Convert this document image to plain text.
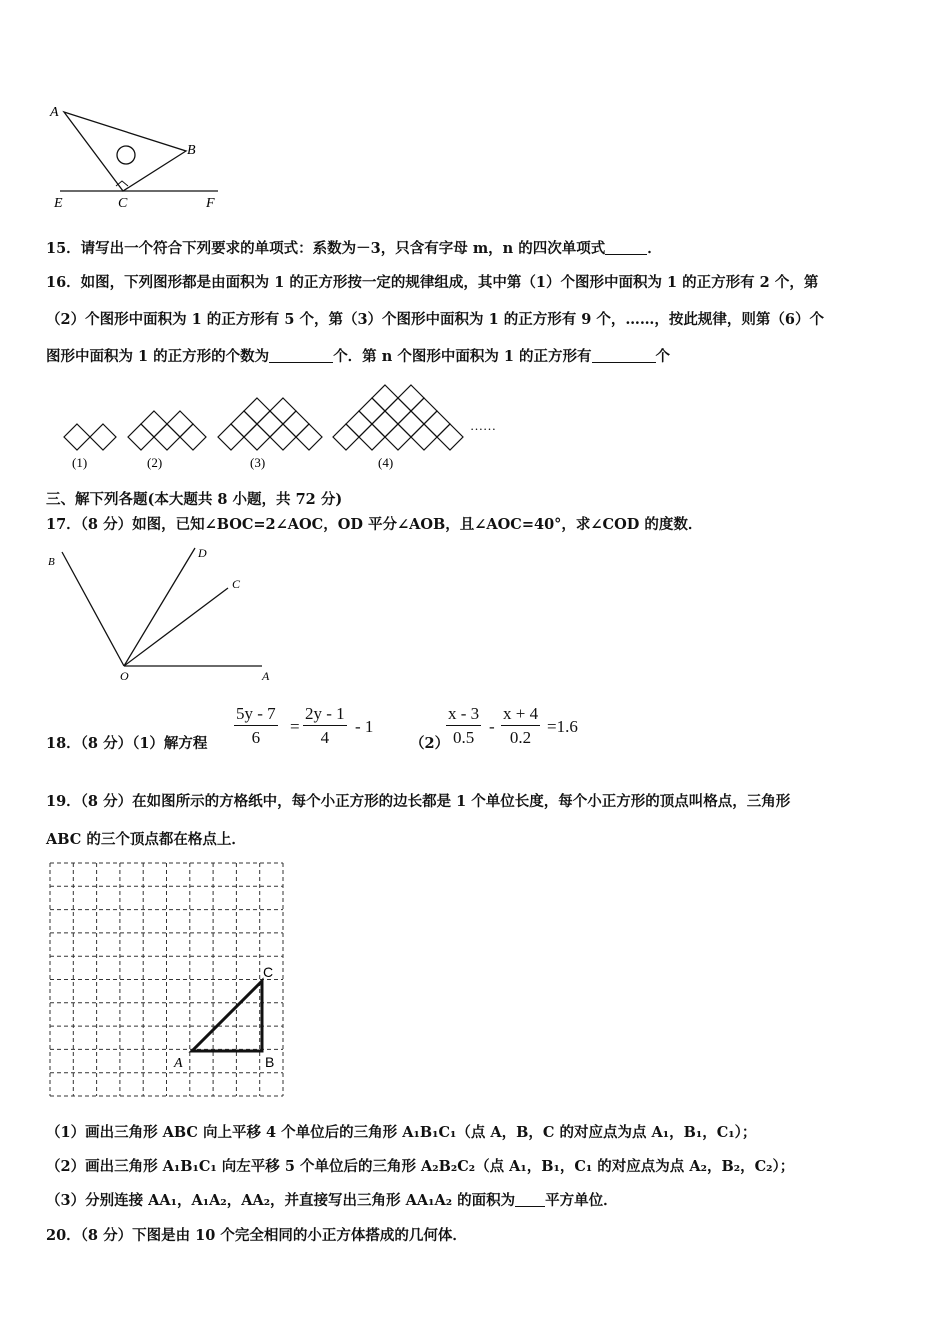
A
B
C
E	F
15．请写出一个符合下列要求的单项式：系数为－3，只含有字母 m，n 的四次单项式	．
16．如图，下列图形都是由面积为 1 的正方形按一定的规律组成，其中第（1）个图形中面积为 1 的正方形有 2 个，第
（2）个图形中面积为 1 的正方形有 5 个，第（3）个图形中面积为 1 的正方形有 9 个，……，按此规律，则第（6）个
图形中面积为 1 的正方形的个数为	个．第 n 个图形中面积为 1 的正方形有	个
(1)	(2)	(3)	(4)
……
三、解下列各题(本大题共 8 小题，共 72 分)
17．（8 分）如图，已知∠BOC=2∠AOC，OD 平分∠AOB，且∠AOC=40°，求∠COD 的度数．
B
D
C
O	A
18．（8 分）（1）解方程 $\frac{5y - 7}{6} = \frac{2y - 1}{4} - 1$
（2）
$\frac{x - 3}{0.5} - \frac{x + 4}{0.2} =1.6$
19．（8 分）在如图所示的方格纸中，每个小正方形的边长都是 1 个单位长度，每个小正方形的顶点叫格点，三角形
ABC 的三个顶点都在格点上．
A	B
C
（1）画出三角形 ABC 向上平移 4 个单位后的三角形 A₁B₁C₁（点 A，B，C 的对应点为点 A₁，B₁，C₁）；
（2）画出三角形 A₁B₁C₁ 向左平移 5 个单位后的三角形 A₂B₂C₂（点 A₁，B₁，C₁ 的对应点为点 A₂，B₂，C₂）；
（3）分别连接 AA₁，A₁A₂，AA₂，并直接写出三角形 AA₁A₂ 的面积为 平方单位．
20．（8 分）下图是由 10 个完全相同的小正方体搭成的几何体．
